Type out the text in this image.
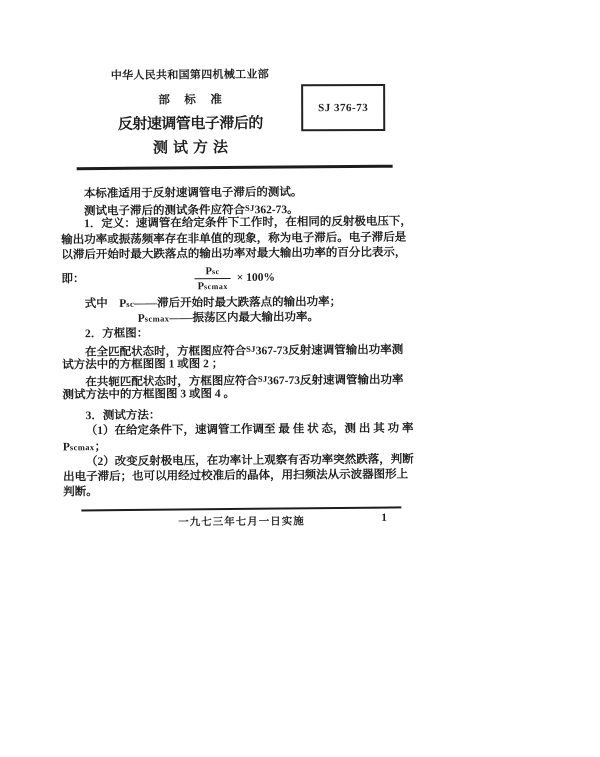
中华人民共和国第四机械工业部
部　标　准
反射速调管电子滞后的
测试方法
SJ 376-73
本标准适用于反射速调管电子滞后的测试。
测试电子滞后的测试条件应符合$^{SJ}$362-73。
1．定义：速调管在给定条件下工作时，在相同的反射极电压下，
输出功率或振荡频率存在非单值的现象，称为电子滞后。电子滞后是
以滞后开始时最大跌落点的输出功率对最大输出功率的百分比表示，
即：	$\frac{\text{Psc}}{\text{Pscmax}} \times 100\%$
式中　Psc——滞后开始时最大跌落点的输出功率；
Pscmax——振荡区内最大输出功率。
2．方框图：
在全匹配状态时，方框图应符合$^{SJ}$367-73反射速调管输出功率测
试方法中的方框图图 1 或图 2 ；
在共轭匹配状态时，方框图应符合$^{SJ}$367-73反射速调管输出功率
测试方法中的方框图图 3 或图 4 。
3．测试方法：
（1）在给定条件下，速调管工作调至 最 佳 状 态，测 出 其 功 率
Pscmax；
（2）改变反射极电压，在功率计上观察有否功率突然跌落，判断
出电子滞后；也可以用经过校准后的晶体，用扫频法从示波器图形上
判断。
一九七三年七月一日实施	1
